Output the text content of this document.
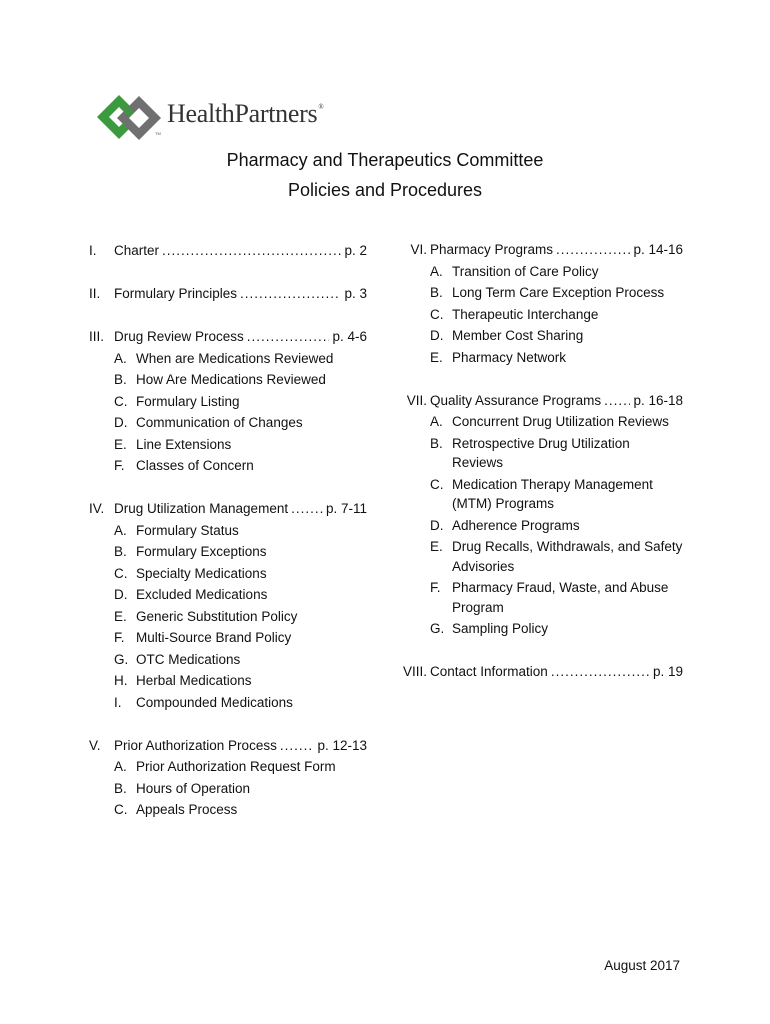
TM
HealthPartners®
Pharmacy and Therapeutics Committee
Policies and Procedures
I.	Charter .....	p. 2
II.	Formulary Principles .....	p. 3
III. Drug Review Process .....	p. 4-6
A. When are Medications Reviewed
B. How Are Medications Reviewed
C. Formulary Listing
D. Communication of Changes
E. Line Extensions
F. Classes of Concern
IV. Drug Utilization Management .....	p. 7-11
A. Formulary Status
B. Formulary Exceptions
C. Specialty Medications
D. Excluded Medications
E. Generic Substitution Policy
F. Multi-Source Brand Policy
G. OTC Medications
H. Herbal Medications
I.	Compounded Medications
V. Prior Authorization Process .....	p. 12-13
A. Prior Authorization Request Form
B. Hours of Operation
C. Appeals Process
VI. Pharmacy Programs .....	p. 14-16
A. Transition of Care Policy
B. Long Term Care Exception Process
C. Therapeutic Interchange
D. Member Cost Sharing
E. Pharmacy Network
VII. Quality Assurance Programs ..... p. 16-18
A. Concurrent Drug Utilization Reviews
B. Retrospective Drug Utilization Reviews
C. Medication Therapy Management (MTM) Programs
D. Adherence Programs
E. Drug Recalls, Withdrawals, and Safety Advisories
F. Pharmacy Fraud, Waste, and Abuse Program
G. Sampling Policy
VIII. Contact Information .....	p. 19
August 2017
